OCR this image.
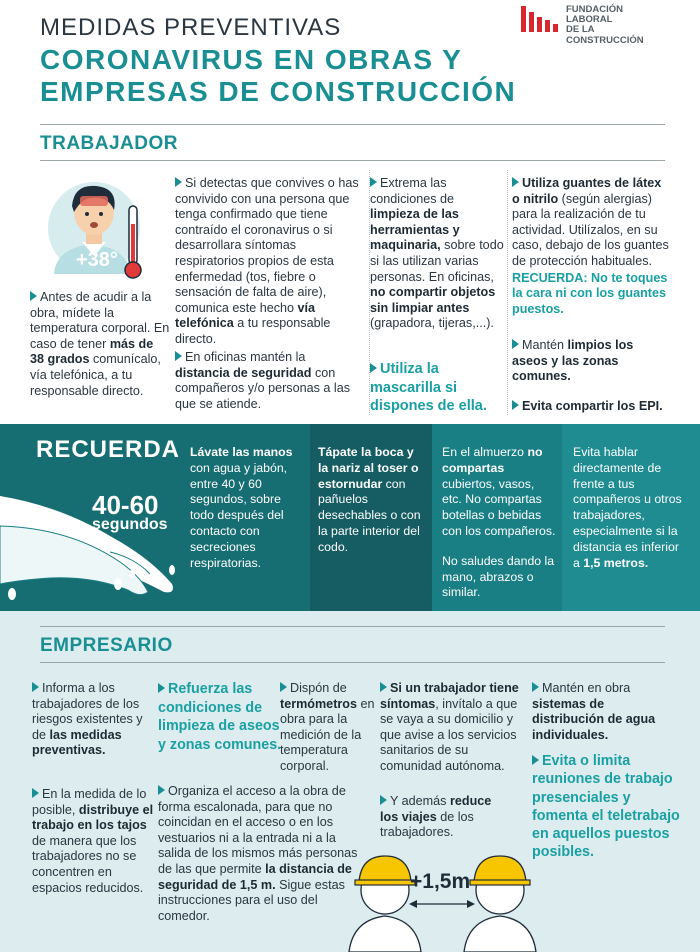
MEDIDAS PREVENTIVAS
CORONAVIRUS EN OBRAS Y
EMPRESAS DE CONSTRUCCIÓN
FUNDACIÓN
LABORAL
DE LA CONSTRUCCIÓN
TRABAJADOR
+38°
Antes de acudir a la obra, mídete la temperatura corporal. En caso de tener más de 38 grados comunícalo, vía telefónica, a tu responsable directo.
Si detectas que convives o has convivido con una persona que tenga confirmado que tiene contraído el coronavirus o si desarrollara síntomas respiratorios propios de esta enfermedad (tos, fiebre o sensación de falta de aire), comunica este hecho vía telefónica a tu responsable directo.
En oficinas mantén la distancia de seguridad con compañeros y/o personas a las que se atiende.
Extrema las condiciones de limpieza de las herramientas y maquinaria, sobre todo si las utilizan varias personas. En oficinas, no compartir objetos sin limpiar antes (grapadora, tijeras,...).
Utiliza la mascarilla si dispones de ella.
Utiliza guantes de látex o nitrilo (según alergias) para la realización de tu actividad. Utilízalos, en su caso, debajo de los guantes de protección habituales.
RECUERDA: No te toques la cara ni con los guantes puestos.
Mantén limpios los aseos y las zonas comunes.
Evita compartir los EPI.
RECUERDA
40-60
segundos
Lávate las manos con agua y jabón, entre 40 y 60 segundos, sobre todo después del contacto con secreciones respiratorias.
Tápate la boca y la nariz al toser o estornudar con pañuelos desechables o con la parte interior del codo.
En el almuerzo no compartas cubiertos, vasos, etc. No compartas botellas o bebidas con los compañeros.
No saludes dando la mano, abrazos o similar.
Evita hablar directamente de frente a tus compañeros u otros trabajadores, especialmente si la distancia es inferior a 1,5 metros.
EMPRESARIO
Informa a los trabajadores de los riesgos existentes y de las medidas preventivas.
En la medida de lo posible, distribuye el trabajo en los tajos de manera que los trabajadores no se concentren en espacios reducidos.
Refuerza las condiciones de limpieza de aseos y zonas comunes.
Organiza el acceso a la obra de forma escalonada, para que no coincidan en el acceso o en los vestuarios ni a la entrada ni a la salida de los mismos más personas de las que permite la distancia de seguridad de 1,5 m. Sigue estas instrucciones para el uso del comedor.
Dispón de termómetros en obra para la medición de la temperatura corporal.
Si un trabajador tiene síntomas, invítalo a que se vaya a su domicilio y que avise a los servicios sanitarios de su comunidad autónoma.
Y además reduce los viajes de los trabajadores.
Mantén en obra sistemas de distribución de agua individuales.
Evita o limita reuniones de trabajo presenciales y fomenta el teletrabajo en aquellos puestos posibles.
+1,5m
